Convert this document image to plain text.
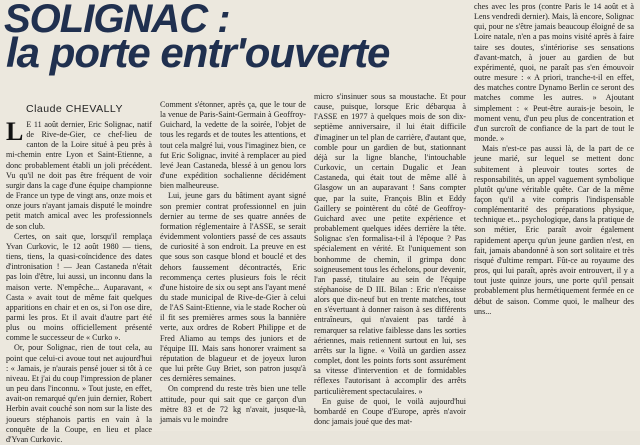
SOLIGNAC :
la porte entr'ouverte
Claude CHEVALLY

L E 11 août dernier, Eric Solignac, natif de Rive-de-Gier, ce chef-lieu de canton de la Loire situé à peu près à mi-chemin entre Lyon et Saint-Etienne, a donc probablement établi un joli précédent. Vu qu'il ne doit pas être fréquent de voir surgir dans la cage d'une équipe championne de France un type de vingt ans, onze mois et onze jours n'ayant jamais disputé le moindre petit match amical avec les professionnels de son club.

Certes, on sait que, lorsqu'il remplaça Yvan Curkovic, le 12 août 1980 — tiens, tiens, tiens, la quasi-coïncidence des dates d'intronisation ! — Jean Castaneda n'était pas loin d'être, lui aussi, un inconnu dans la maison verte. N'empêche... Auparavant, « Casta » avait tout de même fait quelques apparitions en chair et en os, si l'on ose dire, parmi les pros. Et il avait d'autre part été plus ou moins officiellement présenté comme le successeur de « Curko ».

Or, pour Solignac, rien de tout cela, au point que celui-ci avoue tout net aujourd'hui : « Jamais, je n'aurais pensé jouer si tôt à ce niveau. Et j'ai du coup l'impression de planer un peu dans l'inconnu. » Tout juste, en effet, avait-on remarqué qu'en juin dernier, Robert Herbin avait couché son nom sur la liste des joueurs stéphanois partis en vain à la conquête de la Coupe, en lieu et place d'Yvan Curkovic.

Comment s'étonner, après ça, que le tour de la venue de Paris-Saint-Germain à Geoffroy-Guichard, la vedette de la soirée, l'objet de tous les regards et de toutes les attentions, et tout cela malgré lui, vous l'imaginez bien, ce fut Eric Solignac, invité à remplacer au pied levé Jean Castaneda, blessé à un genou lors d'une expédition sochalienne décidément bien malheureuse.

Lui, jeune gars du bâtiment ayant signé son premier contrat professionnel en juin dernier au terme de ses quatre années de formation réglementaire à l'ASSE, se serait évidemment volontiers passé de ces assauts de curiosité à son endroit. La preuve en est que sous son casque blond et bouclé et des dehors faussement décontractés, Eric recommença certes plusieurs fois le récit d'une histoire de six ou sept ans l'ayant mené du stade municipal de Rive-de-Gier à celui de l'AS Saint-Etienne, via le stade Rocher où il fit ses premières armes sous la bannière verte, aux ordres de Robert Philippe et de Fred Aliamo au temps des juniors et de l'équipe III. Mais sans honorer vraiment sa réputation de blagueur et de joyeux luron que lui prête Guy Briet, son patron jusqu'à ces dernières semaines.

On comprend du reste très bien une telle attitude, pour qui sait que ce garçon d'un mètre 83 et de 72 kg n'avait, jusque-là, jamais vu le moindre

micro s'insinuer sous sa moustache. Et pour cause, puisque, lorsque Eric débarqua à l'ASSE en 1977 à quelques mois de son dix-septième anniversaire, il lui était difficile d'imaginer un tel plan de carrière, d'autant que, comble pour un gardien de but, stationnant déjà sur la ligne blanche, l'intouchable Curkovic, un certain Dugalic et Jean Castaneda, qui était tout de même allé à Glasgow un an auparavant ! Sans compter que, par la suite, François Blin et Eddy Gaillery se pointèrent du côté de Geoffroy-Guichard avec une petite expérience et probablement quelques idées derrière la tête. Solignac s'en formalisa-t-il à l'époque ? Pas spécialement en vérité. Et l'uniquement son bonhomme de chemin, il grimpa donc soigneusement tous les échelons, pour devenir, l'an passé, titulaire au sein de l'équipe stéphanoise de D III. Bilan : Eric n'encaisse alors que dix-neuf but en trente matches, tout en s'évertuant à donner raison à ses différents entraîneurs, qui n'avaient pas tardé à remarquer sa relative faiblesse dans les sorties aériennes, mais retiennent surtout en lui, ses arrêts sur la ligne. « Voilà un gardien assez complet, dont les points forts sont assurément sa vitesse d'intervention et de formidables réflexes l'autorisant à accomplir des arrêts particulièrement spectaculaires. »

En guise de quoi, le voilà aujourd'hui bombardé en Coupe d'Europe, après n'avoir donc jamais joué que des mat-

ches avec les pros (contre Paris le 14 août et à Lens vendredi dernier). Mais, là encore, Solignac qui, pour ne s'être jamais beaucoup éloigné de sa Loire natale, n'en a pas moins visité après à faire taire ses doutes, s'intériorise ses sensations d'avant-match, à jouer au gardien de but expérimenté, quoi, ne paraît pas s'en émouvoir outre mesure : « A priori, tranche-t-il en effet, des matches contre Dynamo Berlin ce seront des matches comme les autres. » Ajoutant simplement : « Peut-être aurais-je besoin, le moment venu, d'un peu plus de concentration et d'un surcroît de confiance de la part de tout le monde. »

Mais n'est-ce pas aussi là, de la part de ce jeune marié, sur lequel se mettent donc subitement à pleuvoir toutes sortes de responsabilités, un appel vaguement symbolique plutôt qu'une véritable quête. Car de la même façon qu'il a vite compris l'indispensable complémentarité des préparations physique, technique et... psychologique, dans la pratique de son métier, Eric paraît avoir également rapidement aperçu qu'un jeune gardien n'est, en fait, jamais abandonné à son sort solitaire et très risqué d'ultime rempart. Fût-ce au royaume des pros, qui lui paraît, après avoir entrouvert, il y a tout juste quinze jours, une porte qu'il pensait probablement plus hermétiquement fermée en ce début de saison. Comme quoi, le malheur des uns...
